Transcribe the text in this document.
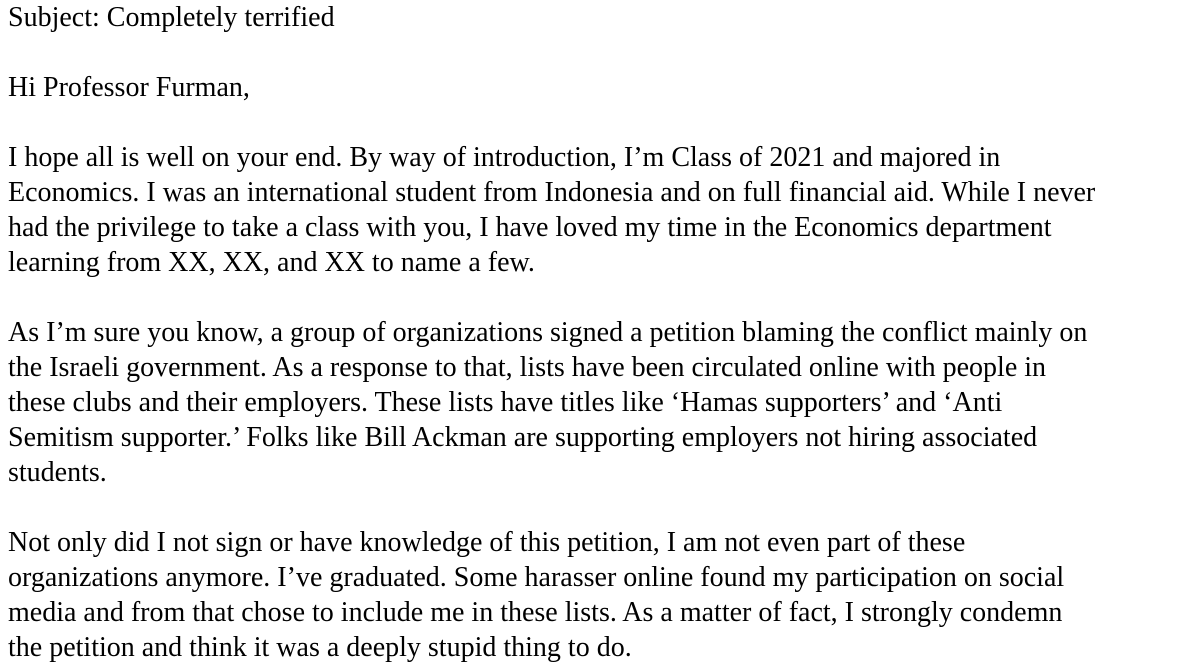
Subject: Completely terrified
Hi Professor Furman,
I hope all is well on your end. By way of introduction, I’m Class of 2021 and majored in
Economics. I was an international student from Indonesia and on full financial aid. While I never
had the privilege to take a class with you, I have loved my time in the Economics department
learning from XX, XX, and XX to name a few.
As I’m sure you know, a group of organizations signed a petition blaming the conflict mainly on
the Israeli government. As a response to that, lists have been circulated online with people in
these clubs and their employers. These lists have titles like ‘Hamas supporters’ and ‘Anti
Semitism supporter.’ Folks like Bill Ackman are supporting employers not hiring associated
students.
Not only did I not sign or have knowledge of this petition, I am not even part of these
organizations anymore. I’ve graduated. Some harasser online found my participation on social
media and from that chose to include me in these lists. As a matter of fact, I strongly condemn
the petition and think it was a deeply stupid thing to do.
